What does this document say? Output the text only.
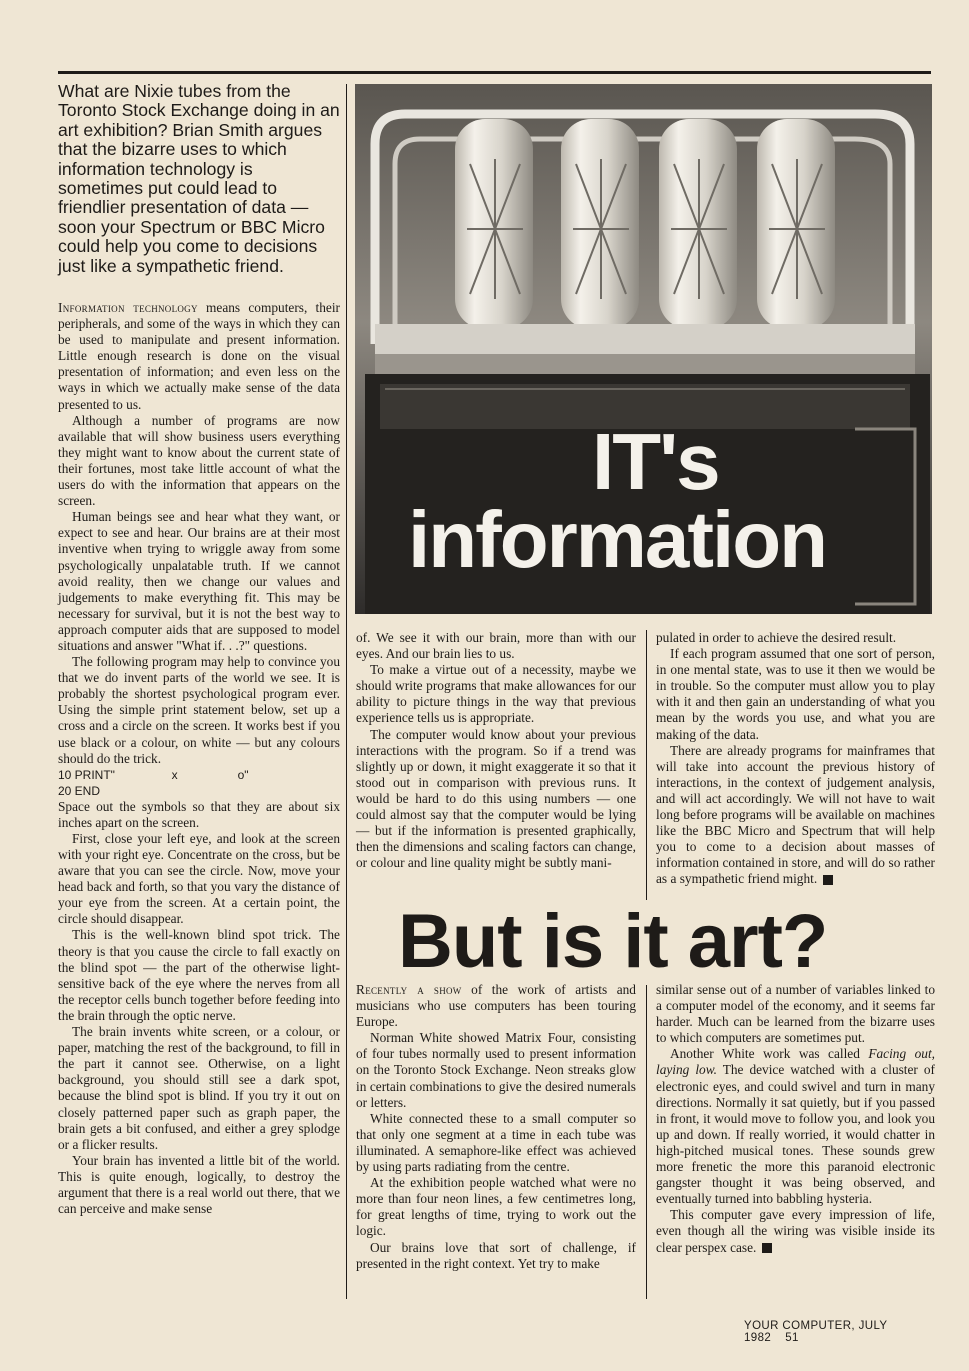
What are Nixie tubes from the Toronto Stock Exchange doing in an art exhibition? Brian Smith argues that the bizarre uses to which information technology is sometimes put could lead to friendlier presentation of data — soon your Spectrum or BBC Micro could help you come to decisions just like a sympathetic friend.
IT's
information
But is it art?

Information technology means computers, their peripherals, and some of the ways in which they can be used to manipulate and present information. Little enough research is done on the visual presentation of information; and even less on the ways in which we actually make sense of the data presented to us.

Although a number of programs are now available that will show business users everything they might want to know about the current state of their fortunes, most take little account of what the users do with the information that appears on the screen.

Human beings see and hear what they want, or expect to see and hear. Our brains are at their most inventive when trying to wriggle away from some psychologically unpalatable truth. If we cannot avoid reality, then we change our values and judgements to make everything fit. This may be necessary for survival, but it is not the best way to approach computer aids that are supposed to model situations and answer "What if. . .?" questions.

The following program may help to convince you that we do invent parts of the world we see. It is probably the shortest psychological program ever. Using the simple print statement below, set up a cross and a circle on the screen. It works best if you use black or a colour, on white — but any colours should do the trick.

10 PRINT"                 x                  o"

20 END

Space out the symbols so that they are about six inches apart on the screen.

First, close your left eye, and look at the screen with your right eye. Concentrate on the cross, but be aware that you can see the circle. Now, move your head back and forth, so that you vary the distance of your eye from the screen. At a certain point, the circle should disappear.

This is the well-known blind spot trick. The theory is that you cause the circle to fall exactly on the blind spot — the part of the otherwise light-sensitive back of the eye where the nerves from all the receptor cells bunch together before feeding into the brain through the optic nerve.

The brain invents white screen, or a colour, or paper, matching the rest of the background, to fill in the part it cannot see. Otherwise, on a light background, you should still see a dark spot, because the blind spot is blind. If you try it out on closely patterned paper such as graph paper, the brain gets a bit confused, and either a grey splodge or a flicker results.

Your brain has invented a little bit of the world. This is quite enough, logically, to destroy the argument that there is a real world out there, that we can perceive and make sense

of. We see it with our brain, more than with our eyes. And our brain lies to us.

To make a virtue out of a necessity, maybe we should write programs that make allowances for our ability to picture things in the way that previous experience tells us is appropriate.

The computer would know about your previous interactions with the program. So if a trend was slightly up or down, it might exaggerate it so that it stood out in comparison with previous runs. It would be hard to do this using numbers — one could almost say that the computer would be lying — but if the information is presented graphically, then the dimensions and scaling factors can change, or colour and line quality might be subtly mani-

pulated in order to achieve the desired result.

If each program assumed that one sort of person, in one mental state, was to use it then we would be in trouble. So the computer must allow you to play with it and then gain an understanding of what you mean by the words you use, and what you are making of the data.

There are already programs for mainframes that will take into account the previous history of interactions, in the context of judgement analysis, and will act accordingly. We will not have to wait long before programs will be available on machines like the BBC Micro and Spectrum that will help you to come to a decision about masses of information contained in store, and will do so rather as a sympathetic friend might.

Recently a show of the work of artists and musicians who use computers has been touring Europe.

Norman White showed Matrix Four, consisting of four tubes normally used to present information on the Toronto Stock Exchange. Neon streaks glow in certain combinations to give the desired numerals or letters.

White connected these to a small computer so that only one segment at a time in each tube was illuminated. A semaphore-like effect was achieved by using parts radiating from the centre.

At the exhibition people watched what were no more than four neon lines, a few centimetres long, for great lengths of time, trying to work out the logic.

Our brains love that sort of challenge, if presented in the right context. Yet try to make

similar sense out of a number of variables linked to a computer model of the economy, and it seems far harder. Much can be learned from the bizarre uses to which computers are sometimes put.

Another White work was called Facing out, laying low. The device watched with a cluster of electronic eyes, and could swivel and turn in many directions. Normally it sat quietly, but if you passed in front, it would move to follow you, and look you up and down. If really worried, it would chatter in high-pitched musical tones. These sounds grew more frenetic the more this paranoid electronic gangster thought it was being observed, and eventually turned into babbling hysteria.

This computer gave every impression of life, even though all the wiring was visible inside its clear perspex case.

YOUR COMPUTER, JULY 1982 51
